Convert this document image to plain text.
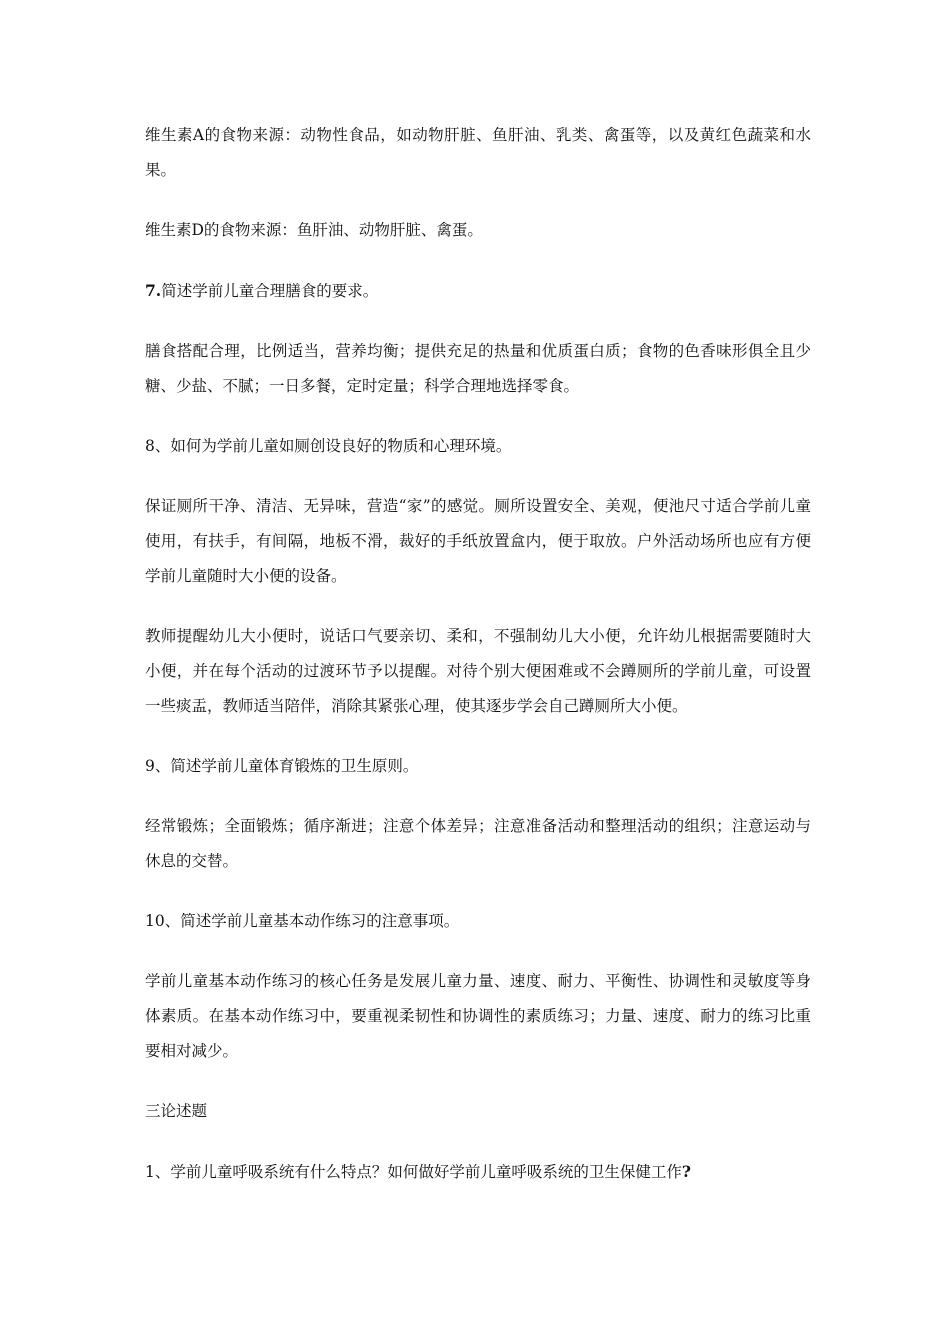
维生素A的食物来源：动物性食品，如动物肝脏、鱼肝油、乳类、禽蛋等，以及黄红色蔬菜和水果。

维生素D的食物来源：鱼肝油、动物肝脏、禽蛋。

7.简述学前儿童合理膳食的要求。

膳食搭配合理，比例适当，营养均衡；提供充足的热量和优质蛋白质；食物的色香味形俱全且少糖、少盐、不腻；一日多餐，定时定量；科学合理地选择零食。

8、如何为学前儿童如厕创设良好的物质和心理环境。

保证厕所干净、清洁、无异味，营造“家”的感觉。厕所设置安全、美观，便池尺寸适合学前儿童使用，有扶手，有间隔，地板不滑，裁好的手纸放置盒内，便于取放。户外活动场所也应有方便学前儿童随时大小便的设备。

教师提醒幼儿大小便时，说话口气要亲切、柔和，不强制幼儿大小便，允许幼儿根据需要随时大小便，并在每个活动的过渡环节予以提醒。对待个别大便困难或不会蹲厕所的学前儿童，可设置一些痰盂，教师适当陪伴，消除其紧张心理，使其逐步学会自己蹲厕所大小便。

9、简述学前儿童体育锻炼的卫生原则。

经常锻炼；全面锻炼；循序渐进；注意个体差异；注意准备活动和整理活动的组织；注意运动与休息的交替。

10、简述学前儿童基本动作练习的注意事项。

学前儿童基本动作练习的核心任务是发展儿童力量、速度、耐力、平衡性、协调性和灵敏度等身体素质。在基本动作练习中，要重视柔韧性和协调性的素质练习；力量、速度、耐力的练习比重要相对减少。

三论述题

1、学前儿童呼吸系统有什么特点？如何做好学前儿童呼吸系统的卫生保健工作?
